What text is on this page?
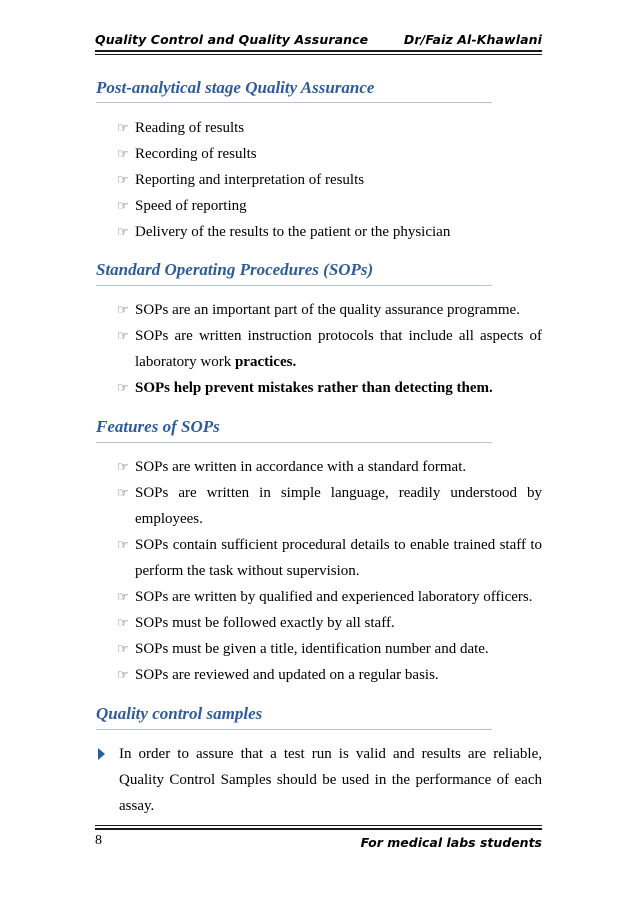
Quality Control and Quality Assurance	Dr/Faiz Al-Khawlani
Post-analytical stage Quality Assurance
☞ Reading of results
☞ Recording of results
☞ Reporting and interpretation of results
☞ Speed of reporting
☞ Delivery of the results to the patient or the physician
Standard Operating Procedures (SOPs)
☞ SOPs are an important part of the quality assurance programme.
☞ SOPs are written instruction protocols that include all aspects of laboratory work practices.
☞ SOPs help prevent mistakes rather than detecting them.
Features of SOPs
☞ SOPs are written in accordance with a standard format.
☞ SOPs are written in simple language, readily understood by employees.
☞ SOPs contain sufficient procedural details to enable trained staff to perform the task without supervision.
☞ SOPs are written by qualified and experienced laboratory officers.
☞ SOPs must be followed exactly by all staff.
☞ SOPs must be given a title, identification number and date.
☞ SOPs are reviewed and updated on a regular basis.
Quality control samples
In order to assure that a test run is valid and results are reliable, Quality Control Samples should be used in the performance of each assay.
8	For medical labs students
